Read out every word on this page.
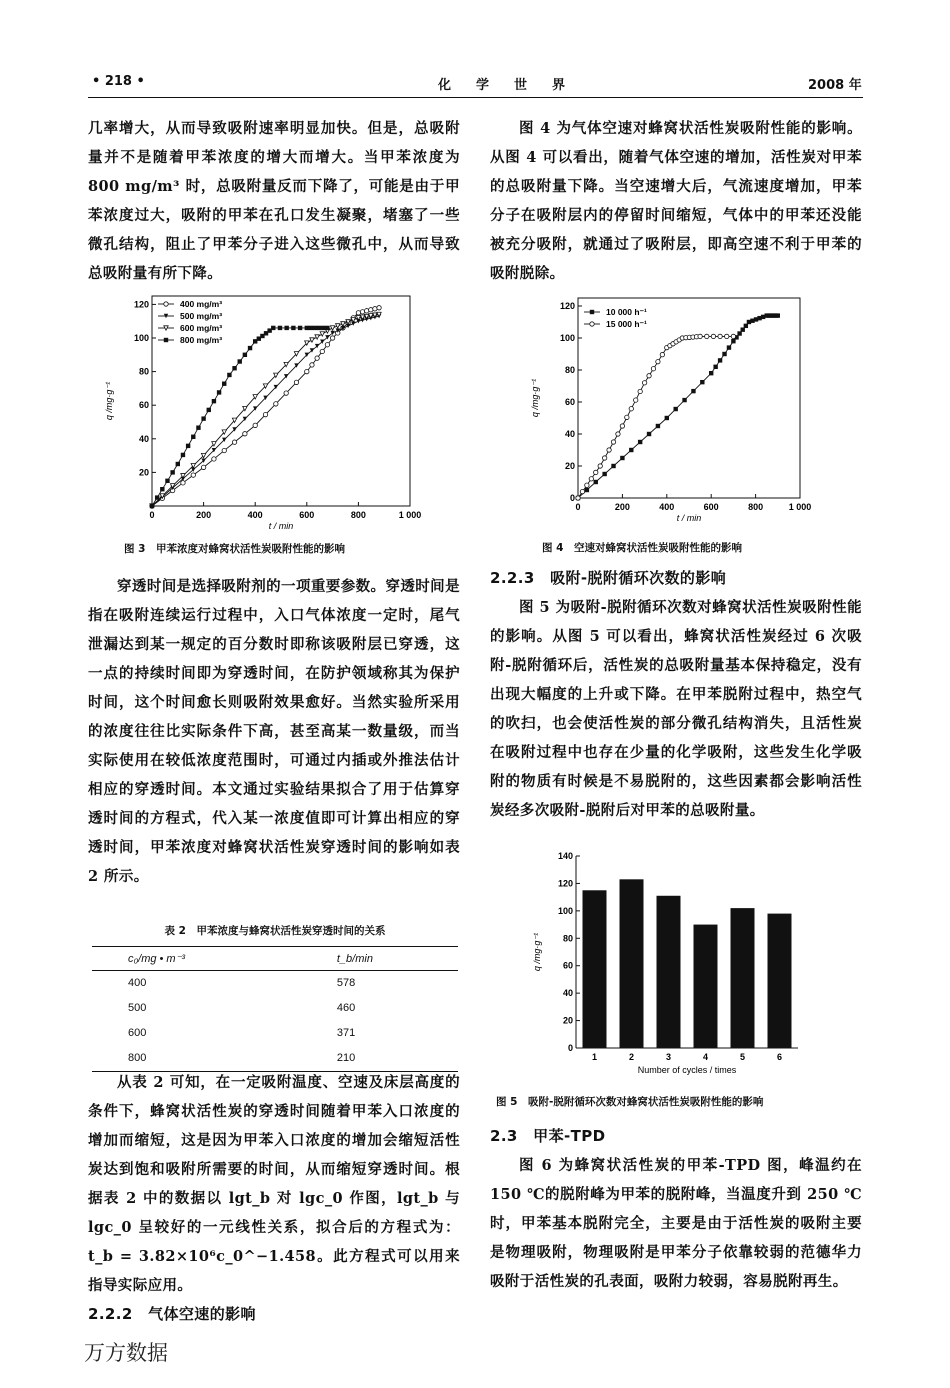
• 218 •	化　学　世　界	2008 年

几率增大，从而导致吸附速率明显加快。但是，总吸附量并不是随着甲苯浓度的增大而增大。当甲苯浓度为 800 mg/m³ 时，总吸附量反而下降了，可能是由于甲苯浓度过大，吸附的甲苯在孔口发生凝聚，堵塞了一些微孔结构，阻止了甲苯分子进入这些微孔中，从而导致总吸附量有所下降。

0	200	400	600	800	1 000
20
40
60
80
100
120
t / min
q /mg·g⁻¹
400 mg/m³
500 mg/m³
600 mg/m³
800 mg/m³
图 3　甲苯浓度对蜂窝状活性炭吸附性能的影响

穿透时间是选择吸附剂的一项重要参数。穿透时间是指在吸附连续运行过程中，入口气体浓度一定时，尾气泄漏达到某一规定的百分数时即称该吸附层已穿透，这一点的持续时间即为穿透时间，在防护领域称其为保护时间，这个时间愈长则吸附效果愈好。当然实验所采用的浓度往往比实际条件下高，甚至高某一数量级，而当实际使用在较低浓度范围时，可通过内插或外推法估计相应的穿透时间。本文通过实验结果拟合了用于估算穿透时间的方程式，代入某一浓度值即可计算出相应的穿透时间，甲苯浓度对蜂窝状活性炭穿透时间的影响如表 2 所示。

表 2　甲苯浓度与蜂窝状活性炭穿透时间的关系
c₀/mg • m⁻³	t_b/min
400	578
500	460
600	371
800	210

从表 2 可知，在一定吸附温度、空速及床层高度的条件下，蜂窝状活性炭的穿透时间随着甲苯入口浓度的增加而缩短，这是因为甲苯入口浓度的增加会缩短活性炭达到饱和吸附所需要的时间，从而缩短穿透时间。根据表 2 中的数据以 lgt_b 对 lgc_0 作图，lgt_b 与 lgc_0 呈较好的一元线性关系，拟合后的方程式为：t_b = 3.82×10⁶c_0^−1.458。此方程式可以用来指导实际应用。

2.2.2　气体空速的影响

图 4 为气体空速对蜂窝状活性炭吸附性能的影响。从图 4 可以看出，随着气体空速的增加，活性炭对甲苯的总吸附量下降。当空速增大后，气流速度增加，甲苯分子在吸附层内的停留时间缩短，气体中的甲苯还没能被充分吸附，就通过了吸附层，即高空速不利于甲苯的吸附脱除。

0	200	400	600	800	1 000
0
20
40
60
80
100
120
t / min
q /mg·g⁻¹
10 000 h⁻¹
15 000 h⁻¹
图 4　空速对蜂窝状活性炭吸附性能的影响

2.2.3　吸附-脱附循环次数的影响

图 5 为吸附-脱附循环次数对蜂窝状活性炭吸附性能的影响。从图 5 可以看出，蜂窝状活性炭经过 6 次吸附-脱附循环后，活性炭的总吸附量基本保持稳定，没有出现大幅度的上升或下降。在甲苯脱附过程中，热空气的吹扫，也会使活性炭的部分微孔结构消失，且活性炭在吸附过程中也存在少量的化学吸附，这些发生化学吸附的物质有时候是不易脱附的，这些因素都会影响活性炭经多次吸附-脱附后对甲苯的总吸附量。

0
20
40
60
80
100
120
140
1	2	3	4	5	6
Number of cycles / times
q /mg·g⁻¹
图 5　吸附-脱附循环次数对蜂窝状活性炭吸附性能的影响

2.3　甲苯-TPD

图 6 为蜂窝状活性炭的甲苯-TPD 图，峰温约在 150 ℃的脱附峰为甲苯的脱附峰，当温度升到 250 ℃时，甲苯基本脱附完全，主要是由于活性炭的吸附主要是物理吸附，物理吸附是甲苯分子依靠较弱的范德华力吸附于活性炭的孔表面，吸附力较弱，容易脱附再生。

万方数据
